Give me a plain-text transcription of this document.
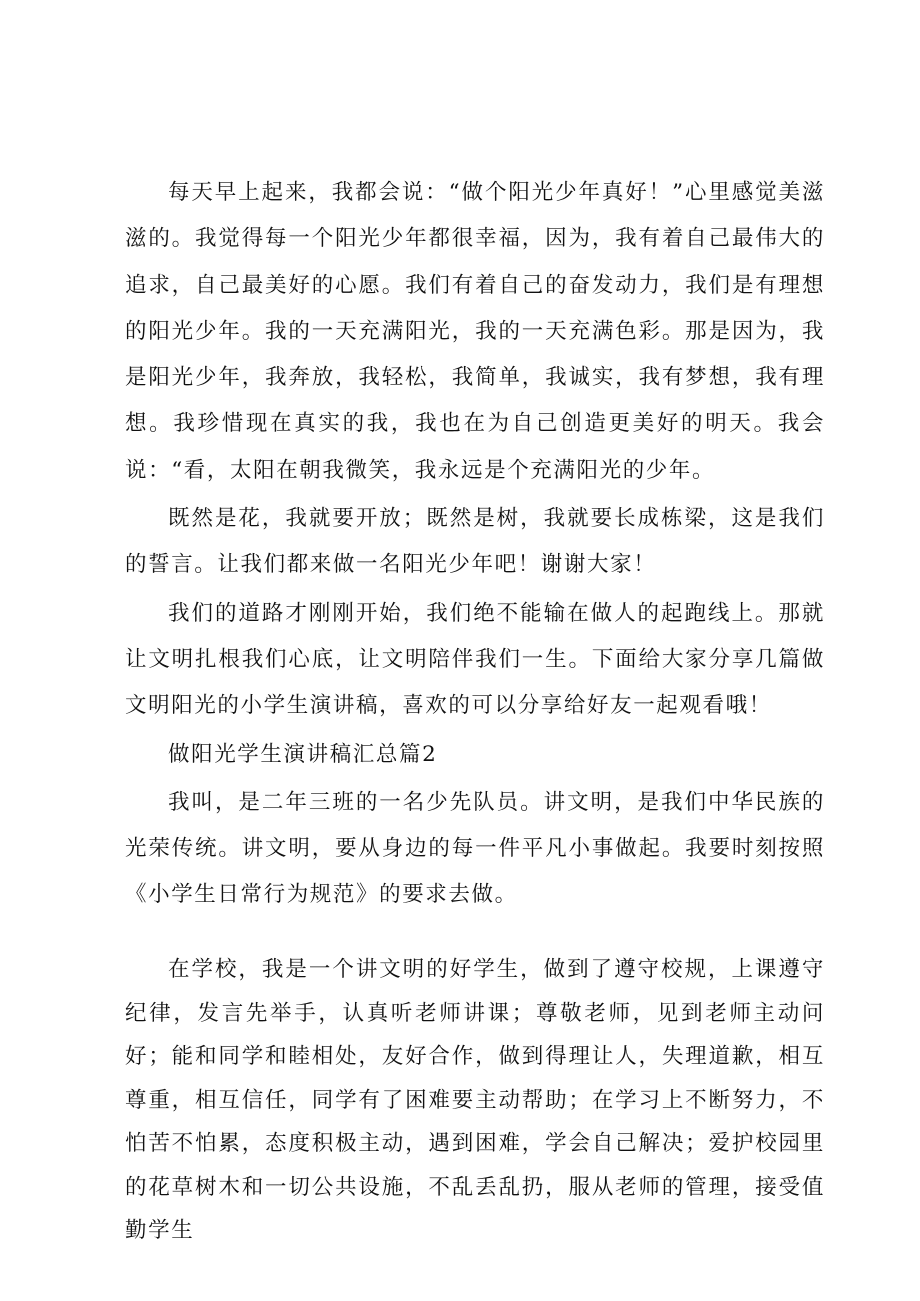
每天早上起来，我都会说：“做个阳光少年真好！”心里感觉美滋滋的。我觉得每一个阳光少年都很幸福，因为，我有着自己最伟大的追求，自己最美好的心愿。我们有着自己的奋发动力，我们是有理想的阳光少年。我的一天充满阳光，我的一天充满色彩。那是因为，我是阳光少年，我奔放，我轻松，我简单，我诚实，我有梦想，我有理想。我珍惜现在真实的我，我也在为自己创造更美好的明天。我会说：“看，太阳在朝我微笑，我永远是个充满阳光的少年。

既然是花，我就要开放；既然是树，我就要长成栋梁，这是我们的誓言。让我们都来做一名阳光少年吧！谢谢大家！

我们的道路才刚刚开始，我们绝不能输在做人的起跑线上。那就让文明扎根我们心底，让文明陪伴我们一生。下面给大家分享几篇做文明阳光的小学生演讲稿，喜欢的可以分享给好友一起观看哦！

做阳光学生演讲稿汇总篇2

我叫，是二年三班的一名少先队员。讲文明，是我们中华民族的光荣传统。讲文明，要从身边的每一件平凡小事做起。我要时刻按照《小学生日常行为规范》的要求去做。

在学校，我是一个讲文明的好学生，做到了遵守校规，上课遵守纪律，发言先举手，认真听老师讲课；尊敬老师，见到老师主动问好；能和同学和睦相处，友好合作，做到得理让人，失理道歉，相互尊重，相互信任，同学有了困难要主动帮助；在学习上不断努力，不怕苦不怕累，态度积极主动，遇到困难，学会自己解决；爱护校园里的花草树木和一切公共设施，不乱丢乱扔，服从老师的管理，接受值勤学生
